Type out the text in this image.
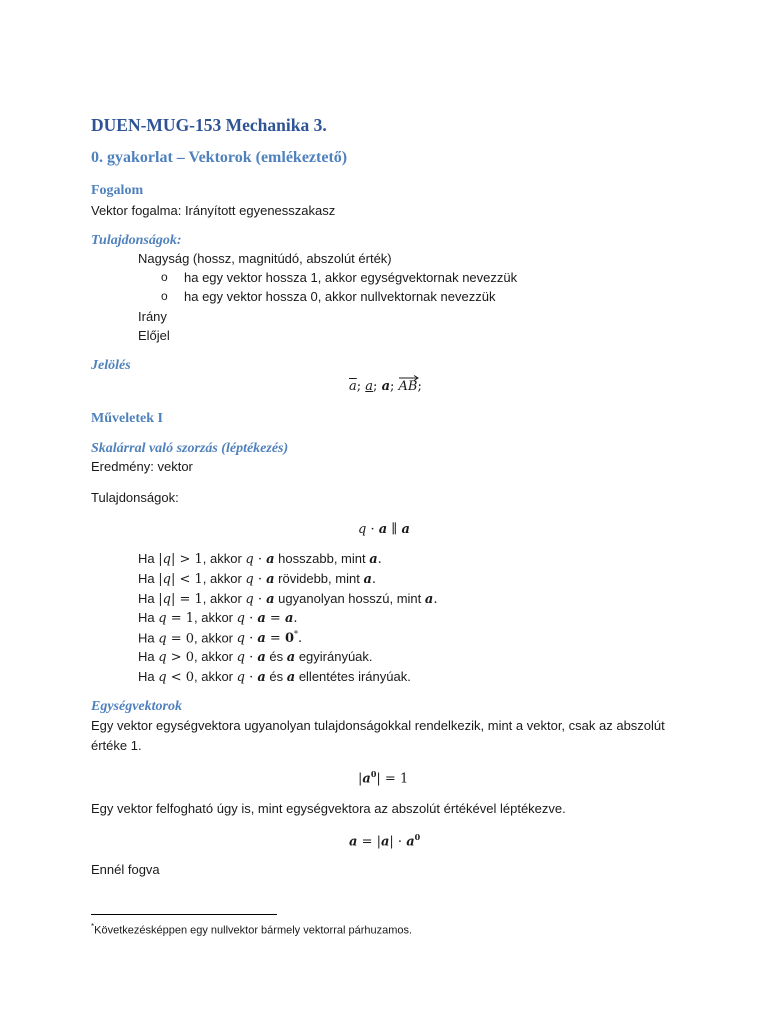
DUEN-MUG-153 Mechanika 3.
0. gyakorlat – Vektorok (emlékeztető)
Fogalom
Vektor fogalma: Irányított egyenesszakasz
Tulajdonságok:
Nagyság (hossz, magnitúdó, abszolút érték)
o ha egy vektor hossza 1, akkor egységvektornak nevezzük
o ha egy vektor hossza 0, akkor nullvektornak nevezzük
Irány
Előjel
Jelölés
$\overline{a}$; a; a; AB
;
Műveletek I
Skalárral való szorzás (léptékezés)
Eredmény: vektor
Tulajdonságok:
q · a ∥ a
Ha |q| > 1, akkor q · a hosszabb, mint a.
Ha |q| < 1, akkor q · a rövidebb, mint a.
Ha |q| = 1, akkor q · a ugyanolyan hosszú, mint a.
Ha q = 1, akkor q · a = a.
Ha q = 0, akkor q · a = 0*.
Ha q > 0, akkor q · a és a egyirányúak.
Ha q < 0, akkor q · a és a ellentétes irányúak.
Egységvektorok
Egy vektor egységvektora ugyanolyan tulajdonságokkal rendelkezik, mint a vektor, csak az abszolút
értéke 1.
$|a^0| = 1$
Egy vektor felfogható úgy is, mint egységvektora az abszolút értékével léptékezve.
$a = |a| \cdot a^0$
Ennél fogva
*Következésképpen egy nullvektor bármely vektorral párhuzamos.
